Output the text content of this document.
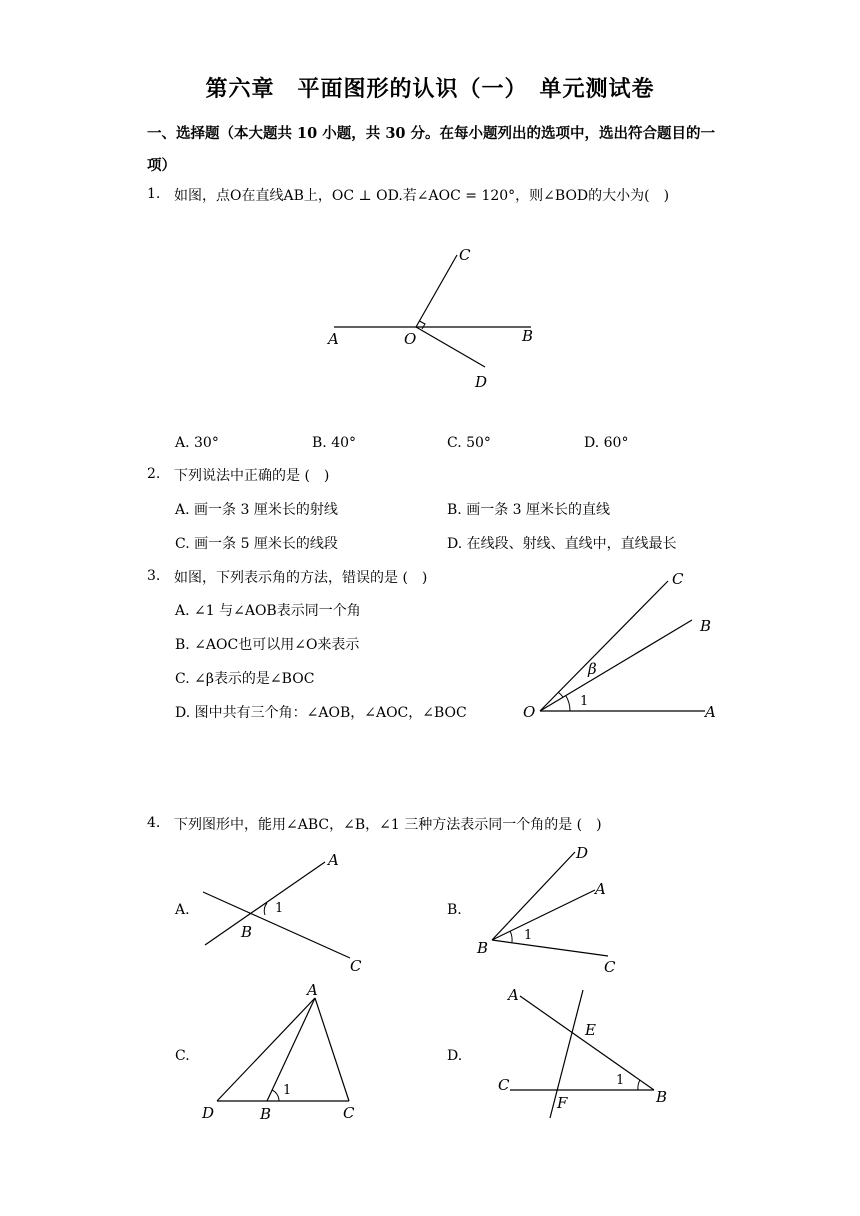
第六章　平面图形的认识（一）　单元测试卷
一、选择题（本大题共 10 小题，共 30 分。在每小题列出的选项中，选出符合题目的一项）
1. 如图，点O在直线AB上，OC ⊥ OD.若∠AOC = 120°，则∠BOD的大小为(　)
C
A	O	B
D
A. 30°	B. 40°	C. 50°	D. 60°
2. 下列说法中正确的是 (　)
A. 画一条 3 厘米长的射线	B. 画一条 3 厘米长的直线
C. 画一条 5 厘米长的线段	D. 在线段、射线、直线中，直线最长
3. 如图，下列表示角的方法，错误的是 (　)
A. ∠1 与∠AOB表示同一个角
B. ∠AOC也可以用∠O来表示
C. ∠β表示的是∠BOC
D. 图中共有三个角：∠AOB，∠AOC，∠BOC
C
B
β
1
O	A
4. 下列图形中，能用∠ABC，∠B，∠1 三种方法表示同一个角的是 (　)
A.	B.
C.	D.
A
1
B
C
D
A
1
B
C
A
1
D	B	C
A
E
C	1
B
F
